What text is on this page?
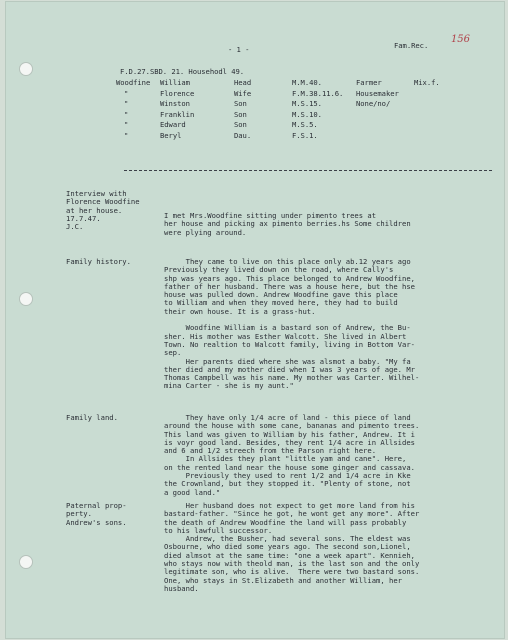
- 1 -	Fam.Rec.
156
F.D.27.SBD. 21. Househodl 49.
Woodfine William	Head	M.M.40.	Farmer	Mix.f.
"	Florence	Wife	F.M.38.11.6. Housemaker
"	Winston	Son	M.S.15.	None/no/
"	Franklin	Son	M.S.10.
"	Edward	Son	M.S.5.
"	Beryl	Dau.	F.S.1.
Interview with
Florence Woodfine
at her house.
17.7.47.
J.C.
I met Mrs.Woodfine sitting under pimento trees at
her house and picking ax pimento berries.hs Some children
were plying around.
Family history.	They came to live on this place only ab.12 years ago
Previously they lived down on the road, where Cally's
shp was years ago. This place belonged to Andrew Woodfine,
father of her husband. There was a house here, but the hse
house was pulled down. Andrew Woodfine gave this place
to William and when they moved here, they had to build
their own house. It is a grass-hut.

Woodfine William is a bastard son of Andrew, the Bu-
sher. His mother was Esther Walcott. She lived in Albert
Town. No realtion to Walcott family, living in Bottom Var-
sep.
Her parents died where she was alsmot a baby. "My fa
ther died and my mother died when I was 3 years of age. Mr
Thomas Campbell was his name. My mother was Carter. Wilhel-
mina Carter - she is my aunt."
Family land.	They have only 1/4 acre of land - this piece of land
around the house with some cane, bananas and pimento trees.
This land was given to William by his father, Andrew. It i
is voyr good land. Besides, they rent 1/4 acre in Allsides
and 6 and 1/2 streech from the Parson right here.
In Allsides they plant "little yam and cane". Here,
on the rented land near the house some ginger and cassava.
Previously they used to rent 1/2 and 1/4 acre in Kke
the Crownland, but they stopped it. "Plenty of stone, not
a good land."
Paternal prop-
perty.
Andrew's sons.
Her husband does not expect to get more land from his
bastard-father. "Since he got, he wont get any more". After
the death of Andrew Woodfine the land will pass probably
to his lawfull successor.
Andrew, the Busher, had several sons. The eldest was
Osbourne, who died some years ago. The second son,Lionel,
died almsot at the same time: "one a week apart". Kennieh,
who stays now with theold man, is the last son and the only
legitimate son, who is alive.  There were two bastard sons.
One, who stays in St.Elizabeth and another William, her
husband.
